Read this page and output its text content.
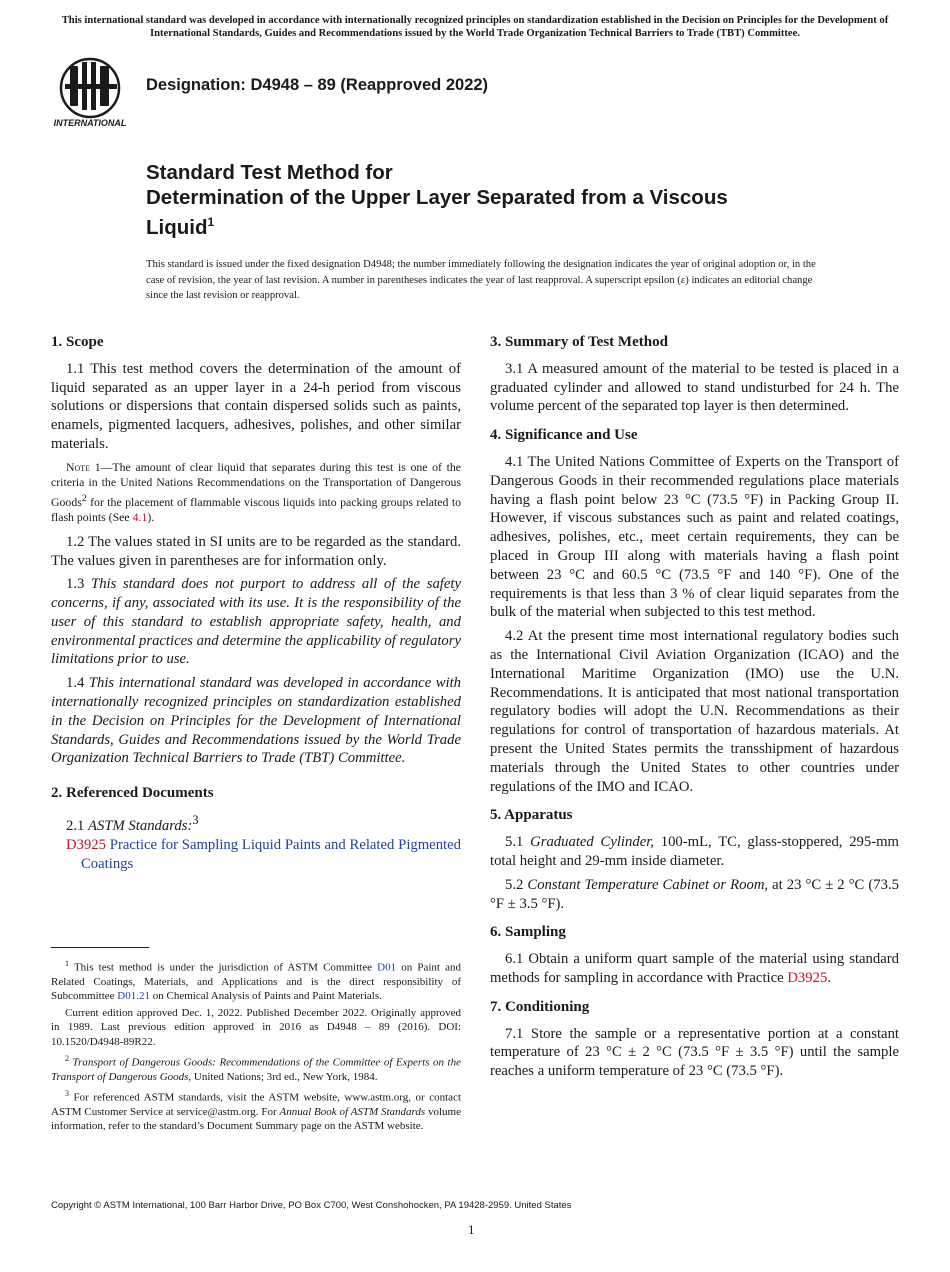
This international standard was developed in accordance with internationally recognized principles on standardization established in the Decision on Principles for the Development of International Standards, Guides and Recommendations issued by the World Trade Organization Technical Barriers to Trade (TBT) Committee.
INTERNATIONAL
Designation: D4948 – 89 (Reapproved 2022)
Standard Test Method for
Determination of the Upper Layer Separated from a Viscous
Liquid$^1$
This standard is issued under the fixed designation D4948; the number immediately following the designation indicates the year of original adoption or, in the case of revision, the year of last revision. A number in parentheses indicates the year of last reapproval. A superscript epsilon (ε) indicates an editorial change since the last revision or reapproval.
1. Scope

1.1 This test method covers the determination of the amount of liquid separated as an upper layer in a 24-h period from viscous solutions or dispersions that contain dispersed solids such as paints, enamels, pigmented lacquers, adhesives, polishes, and other similar materials.

Note 1—The amount of clear liquid that separates during this test is one of the criteria in the United Nations Recommendations on the Transportation of Dangerous Goods$^2$ for the placement of flammable viscous liquids into packing groups related to flash points (See 4.1).

1.2 The values stated in SI units are to be regarded as the standard. The values given in parentheses are for information only.

1.3 This standard does not purport to address all of the safety concerns, if any, associated with its use. It is the responsibility of the user of this standard to establish appropriate safety, health, and environmental practices and determine the applicability of regulatory limitations prior to use.

1.4 This international standard was developed in accordance with internationally recognized principles on standardization established in the Decision on Principles for the Development of International Standards, Guides and Recommendations issued by the World Trade Organization Technical Barriers to Trade (TBT) Committee.

2. Referenced Documents

2.1 ASTM Standards:$^3$

D3925 Practice for Sampling Liquid Paints and Related Pigmented Coatings

3. Summary of Test Method

3.1 A measured amount of the material to be tested is placed in a graduated cylinder and allowed to stand undisturbed for 24 h. The volume percent of the separated top layer is then determined.

4. Significance and Use

4.1 The United Nations Committee of Experts on the Transport of Dangerous Goods in their recommended regulations place materials having a flash point below 23 °C (73.5 °F) in Packing Group II. However, if viscous substances such as paint and related coatings, adhesives, polishes, etc., meet certain requirements, they can be placed in Group III along with materials having a flash point between 23 °C and 60.5 °C (73.5 °F and 140 °F). One of the requirements is that less than 3 % of clear liquid separates from the bulk of the material when subjected to this test method.

4.2 At the present time most international regulatory bodies such as the International Civil Aviation Organization (ICAO) and the International Maritime Organization (IMO) use the U.N. Recommendations. It is anticipated that most national transportation regulatory bodies will adopt the U.N. Recommendations as their regulations for control of transportation of hazardous materials. At present the United States permits the transshipment of hazardous materials through the United States to other countries under regulations of the IMO and ICAO.

5. Apparatus

5.1 Graduated Cylinder, 100-mL, TC, glass-stoppered, 295-mm total height and 29-mm inside diameter.

5.2 Constant Temperature Cabinet or Room, at 23 °C ± 2 °C (73.5 °F ± 3.5 °F).

6. Sampling

6.1 Obtain a uniform quart sample of the material using standard methods for sampling in accordance with Practice D3925.

7. Conditioning

7.1 Store the sample or a representative portion at a constant temperature of 23 °C ± 2 °C (73.5 °F ± 3.5 °F) until the sample reaches a uniform temperature of 23 °C (73.5 °F).

$^1$ This test method is under the jurisdiction of ASTM Committee D01 on Paint and Related Coatings, Materials, and Applications and is the direct responsibility of Subcommittee D01.21 on Chemical Analysis of Paints and Paint Materials.

Current edition approved Dec. 1, 2022. Published December 2022. Originally approved in 1989. Last previous edition approved in 2016 as D4948 – 89 (2016). DOI: 10.1520/D4948-89R22.

$^2$ Transport of Dangerous Goods: Recommendations of the Committee of Experts on the Transport of Dangerous Goods, United Nations; 3rd ed., New York, 1984.

$^3$ For referenced ASTM standards, visit the ASTM website, www.astm.org, or contact ASTM Customer Service at service@astm.org. For Annual Book of ASTM Standards volume information, refer to the standard’s Document Summary page on the ASTM website.

Copyright © ASTM International, 100 Barr Harbor Drive, PO Box C700, West Conshohocken, PA 19428-2959. United States
1
